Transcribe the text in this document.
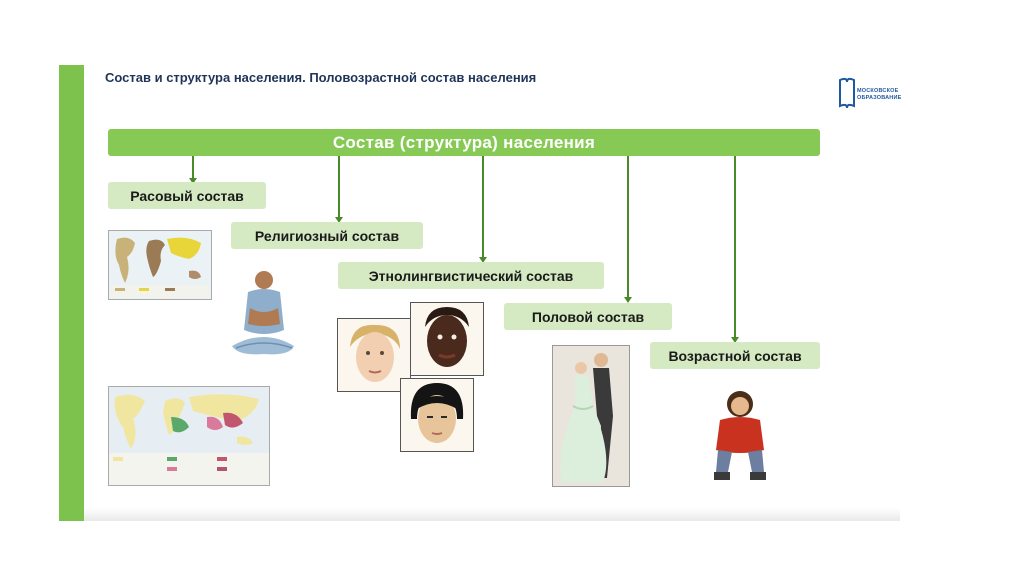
Состав и структура населения. Половозрастной состав населения
МОСКОВСКОЕ
ОБРАЗОВАНИЕ
Состав (структура) населения
Расовый состав
Религиозный состав
Этнолингвистический состав
Половой состав
Возрастной состав
